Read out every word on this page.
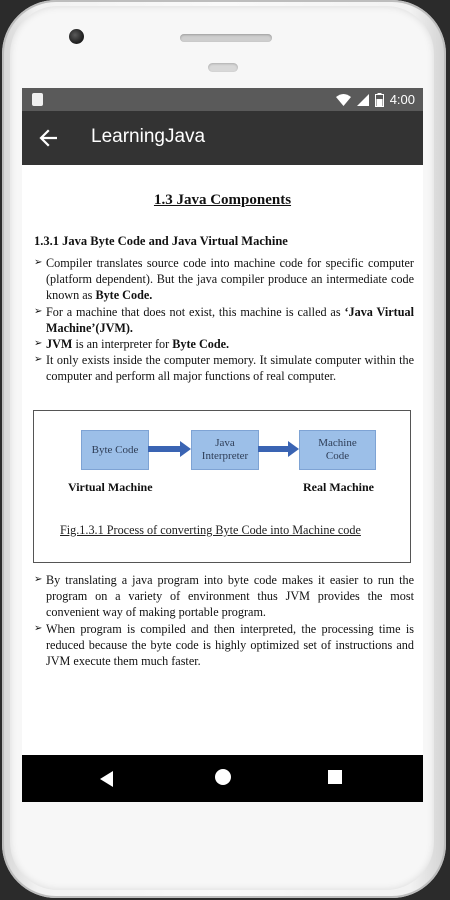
4:00
LearningJava
1.3 Java Components
1.3.1 Java Byte Code and Java Virtual Machine

➢ Compiler translates source code into machine code for specific computer (platform dependent). But the java compiler produce an intermediate code known as Byte Code.

➢ For a machine that does not exist, this machine is called as ‘Java Virtual Machine’(JVM).

➢ JVM is an interpreter for Byte Code.

➢ It only exists inside the computer memory. It simulate computer within the computer and perform all major functions of real computer.

Byte Code
Java
Interpreter
Machine
Code
Virtual Machine	Real Machine
Fig.1.3.1 Process of converting Byte Code into Machine code

➢ By translating a java program into byte code makes it easier to run the program on a variety of environment thus JVM provides the most convenient way of making portable program.

➢ When program is compiled and then interpreted, the processing time is reduced because the byte code is highly optimized set of instructions and JVM execute them much faster.
